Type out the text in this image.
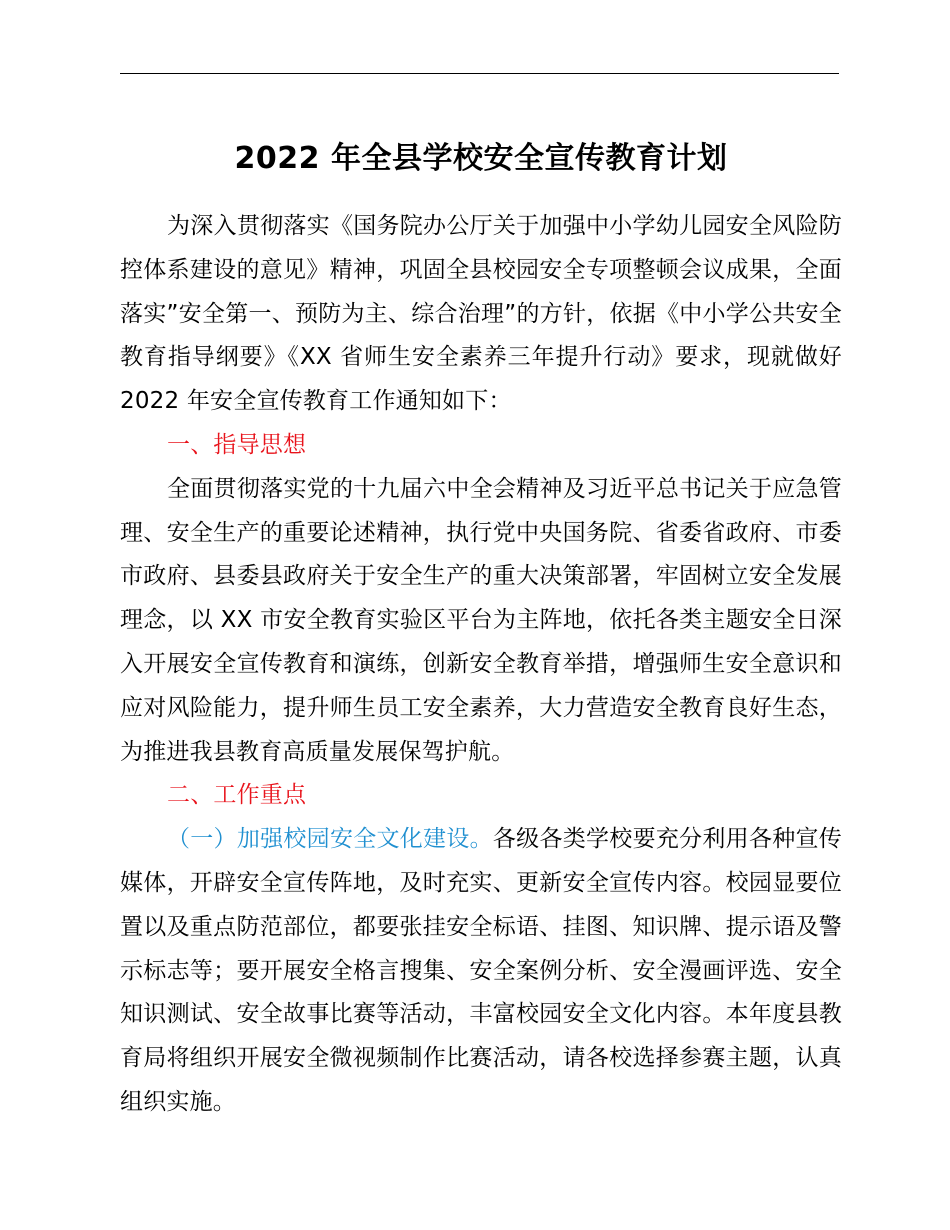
2022 年全县学校安全宣传教育计划

为深入贯彻落实《国务院办公厅关于加强中小学幼儿园安全风险防控体系建设的意见》精神，巩固全县校园安全专项整顿会议成果，全面落实”安全第一、预防为主、综合治理”的方针，依据《中小学公共安全教育指导纲要》《XX 省师生安全素养三年提升行动》要求，现就做好 2022 年安全宣传教育工作通知如下：

一、指导思想

全面贯彻落实党的十九届六中全会精神及习近平总书记关于应急管理、安全生产的重要论述精神，执行党中央国务院、省委省政府、市委市政府、县委县政府关于安全生产的重大决策部署，牢固树立安全发展理念，以 XX 市安全教育实验区平台为主阵地，依托各类主题安全日深入开展安全宣传教育和演练，创新安全教育举措，增强师生安全意识和应对风险能力，提升师生员工安全素养，大力营造安全教育良好生态，为推进我县教育高质量发展保驾护航。

二、工作重点

（一）加强校园安全文化建设。各级各类学校要充分利用各种宣传媒体，开辟安全宣传阵地，及时充实、更新安全宣传内容。校园显要位置以及重点防范部位，都要张挂安全标语、挂图、知识牌、提示语及警示标志等；要开展安全格言搜集、安全案例分析、安全漫画评选、安全知识测试、安全故事比赛等活动，丰富校园安全文化内容。本年度县教育局将组织开展安全微视频制作比赛活动，请各校选择参赛主题，认真组织实施。
